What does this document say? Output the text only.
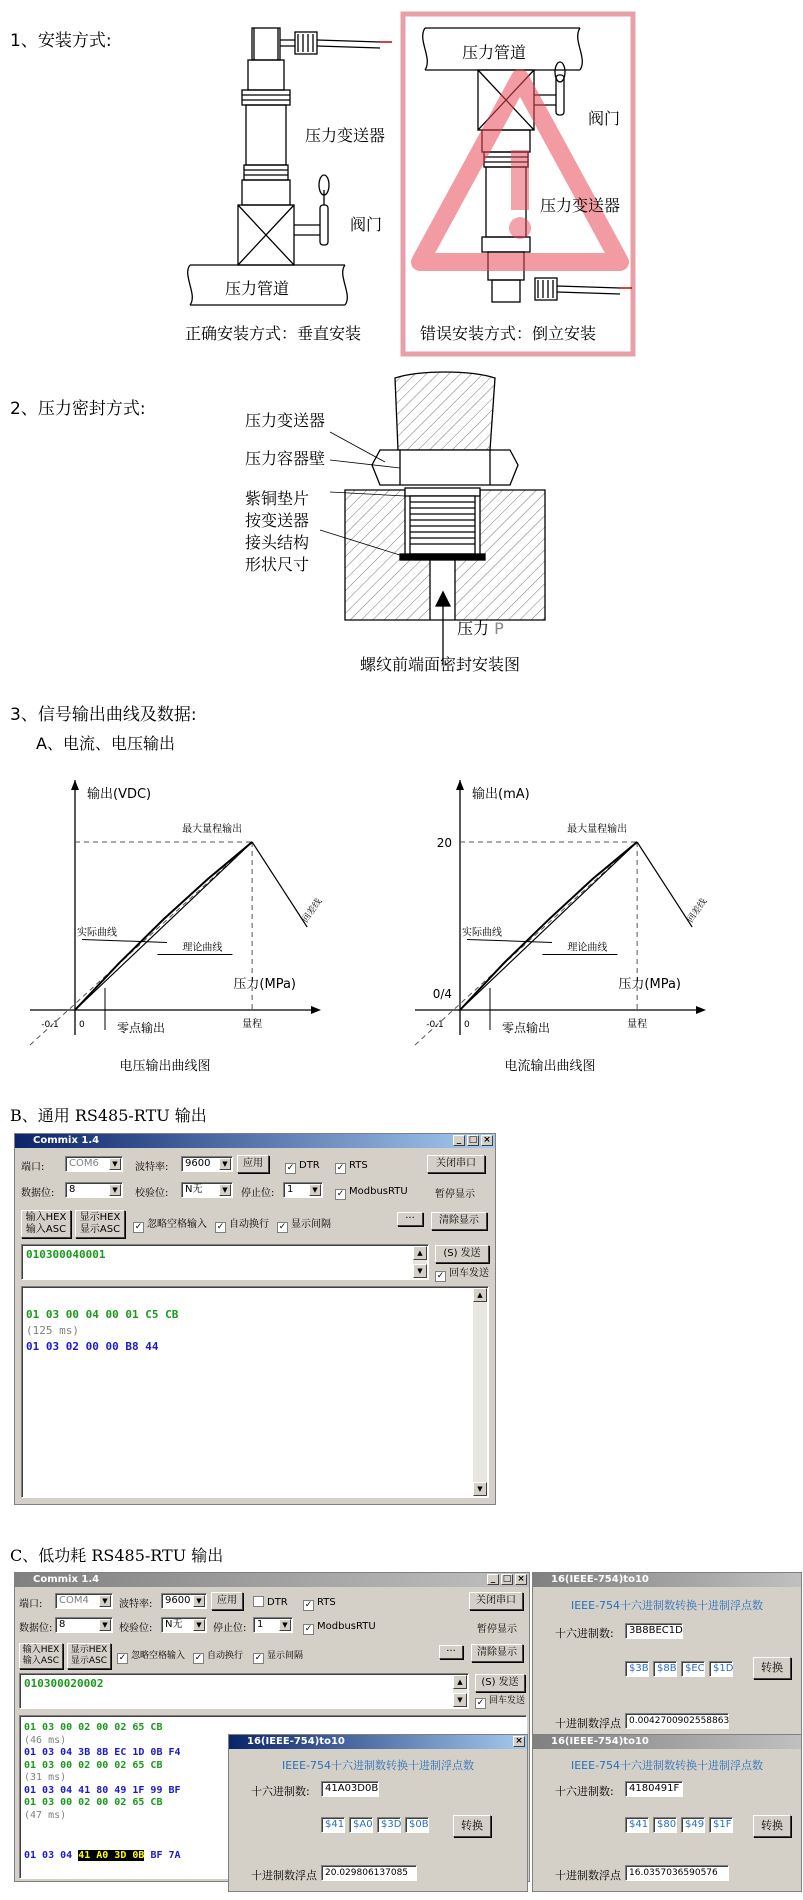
1、安装方式:
压力管道
压力变送器
阀门
正确安装方式：垂直安装
压力管道
阀门
压力变送器
错误安装方式：倒立安装
2、压力密封方式:
压力变送器
压力容器壁
紫铜垫片
按变送器
接头结构
形状尺寸
压力 P
螺纹前端面密封安装图
3、信号输出曲线及数据:
A、电流、电压输出
输出(VDC)
压力(MPa)
-0.1 0	量程
最大量程输出
实际曲线
理论曲线
回差线
零点输出
电压输出曲线图
输出(mA)
压力(MPa)
-0.1 0	量程
0/4
20
最大量程输出
实际曲线
理论曲线
回差线
零点输出
电流输出曲线图
B、通用 RS485-RTU 输出
Commix 1.4	_ □ ×
端口:	COM6	▼	波特率:	9600	▼	应用	✓ DTR ✓ RTS	关闭串口
数据位:	8	▼	校验位:	N无	▼	停止位:	1	▼	✓ ModbusRTU	暂停显示
输入HEX
输入ASC
显示HEX
显示ASC	✓ 忽略空格输入 ✓ 自动换行 ✓ 显示间隔
···	清除显示
010300040001	▲
▼
(S) 发送
✓ 回车发送
01 03 00 04 00 01 C5 CB
(125 ms)
01 03 02 00 00 B8 44
▲
▼
C、低功耗 RS485-RTU 输出
Commix 1.4	_ □ ×
端口:	COM4	▼	波特率:	9600 ▼	应用	DTR ✓ RTS	关闭串口
数据位: 8	▼	校验位:	N无	▼	停止位:	1	▼	✓ ModbusRTU	暂停显示
输入HEX
输入ASC
显示HEX
显示ASC	✓ 忽略空格输入 ✓ 自动换行 ✓ 显示间隔	···	清除显示
010300020002	▲
▼
(S) 发送
✓ 回车发送
01 03 00 02 00 02 65 CB
(46 ms)
01 03 04 3B 8B EC 1D 0B F4
01 03 00 02 00 02 65 CB
(31 ms)
01 03 04 41 80 49 1F 99 BF
01 03 00 02 00 02 65 CB
(47 ms)
01 03 04 41 A0 3D 0B BF 7A
16(IEEE-754)to10
IEEE-754十六进制数转换十进制浮点数
十六进制数:	3B8BEC1D
$3B $8B $EC $1D	转换
十进制数浮点 0.0042700902558863
16(IEEE-754)to10	×
IEEE-754十六进制数转换十进制浮点数
十六进制数:	41A03D0B
$41 $A0 $3D $0B	转换
十进制数浮点 20.029806137085
16(IEEE-754)to10
IEEE-754十六进制数转换十进制浮点数
十六进制数:	4180491F
$41 $80 $49 $1F	转换
十进制数浮点 16.0357036590576
